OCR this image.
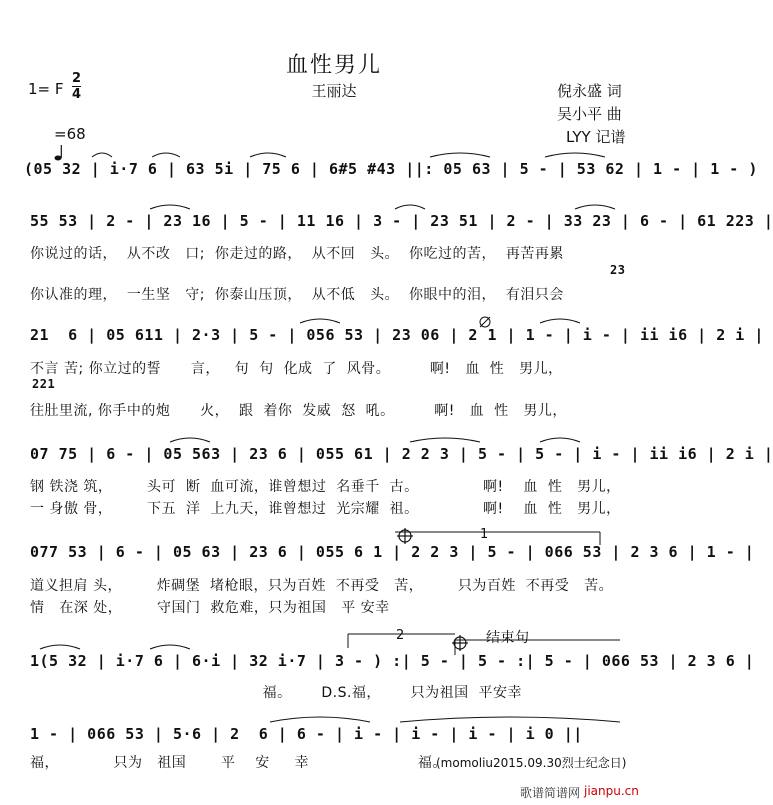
血性男儿
王丽达
1= F
2
4

=68
倪永盛 词
吴小平 曲
LYY 记谱
(05 32 | i·7 6 | 63 5i | 75 6 | 6#5 #43 ||: 05 63 | 5 - | 53 62 | 1 - | 1 - )
55 53 | 2 - | 23 16 | 5 - | 11 16 | 3 - | 23 51 | 2 - | 33 23 | 6 - | 61 223 |
23
你说过的话，  从不改   口;  你走过的路，  从不回   头。  你吃过的苦，  再苦再累
你认准的理，  一生坚   守;  你泰山压顶，  从不低   头。  你眼中的泪，  有泪只会
21  6 | 05 611 | 2·3 | 5 - | 056 53 | 23 06 | 2 1 | 1 - | i - | ii i6 | 2 i |
不言 苦; 你立过的誓      言，   句  句  化成  了  风骨。        啊!   血  性   男儿，
221
往肚里流, 你手中的炮      火，  跟  着你  发威  怒  吼。        啊!   血  性   男儿，
07 75 | 6 - | 05 563 | 23 6 | 055 61 | 2 2 3 | 5 - | 5 - | i - | ii i6 | 2 i |
钢 铁浇 筑，       头可  断  血可流，谁曾想过  名垂千  古。             啊!    血  性   男儿，
一 身傲 骨，       下五  洋  上九天，谁曾想过  光宗耀  祖。             啊!    血  性   男儿，
077 53 | 6 - | 05 63 | 23 6 | 055 6 1 | 2 2 3 | 5 - | 066 53 | 2 3 6 | 1 - |
道义担肩 头，       炸碉堡  堵枪眼，只为百姓  不再受   苦，       只为百姓  不再受   苦。
情   在深 处，       守国门  救危难，只为祖国   平 安幸
结束句
2
1
1(5 32 | i·7 6 | 6·i | 32 i·7 | 3 - ) :| 5 - | 5 - :| 5 - | 066 53 | 2 3 6 |
福。      D.S.福，      只为祖国  平安幸
1 - | 066 53 | 5·6 | 2  6 | 6 - | i - | i - | i - | i 0 ||
福，           只为   祖国       平    安     幸                      福。
(momoliu2015.09.30烈士纪念日)
歌谱简谱网 jianpu.cn
